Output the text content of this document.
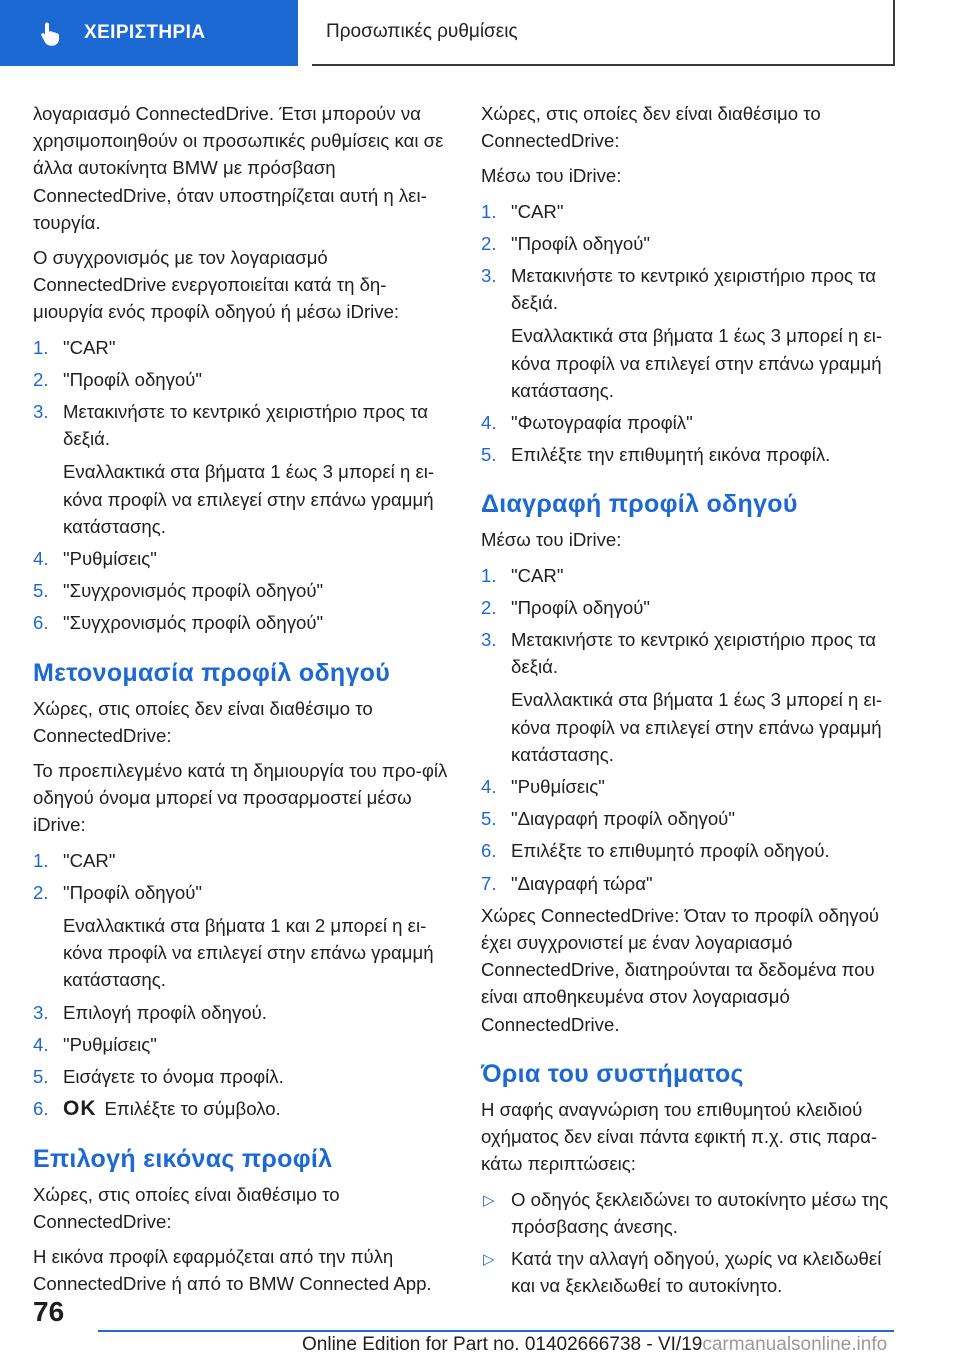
ΧΕΙΡΙΣΤΗΡΙΑ	Προσωπικές ρυθμίσεις

λογαριασμό ConnectedDrive. Έτσι μπορούν να χρησιμοποιηθούν οι προσωπικές ρυθμίσεις και σε άλλα αυτοκίνητα BMW με πρόσβαση ConnectedDrive, όταν υποστηρίζεται αυτή η λει-τουργία.

Ο συγχρονισμός με τον λογαριασμό ConnectedDrive ενεργοποιείται κατά τη δη-μιουργία ενός προφίλ οδηγού ή μέσω iDrive:

1. "CAR"
2. "Προφίλ οδηγού"
3. Μετακινήστε το κεντρικό χειριστήριο προς τα δεξιά.
Εναλλακτικά στα βήματα 1 έως 3 μπορεί η ει-κόνα προφίλ να επιλεγεί στην επάνω γραμμή κατάστασης.
4. "Ρυθμίσεις"
5. "Συγχρονισμός προφίλ οδηγού"
6. "Συγχρονισμός προφίλ οδηγού"
Μετονομασία προφίλ οδηγού

Χώρες, στις οποίες δεν είναι διαθέσιμο το ConnectedDrive:

Το προεπιλεγμένο κατά τη δημιουργία του προ-φίλ οδηγού όνομα μπορεί να προσαρμοστεί μέσω iDrive:

1. "CAR"
2. "Προφίλ οδηγού"
Εναλλακτικά στα βήματα 1 και 2 μπορεί η ει-κόνα προφίλ να επιλεγεί στην επάνω γραμμή κατάστασης.
3. Επιλογή προφίλ οδηγού.
4. "Ρυθμίσεις"
5. Εισάγετε το όνομα προφίλ.
6. OK Επιλέξτε το σύμβολο.
Επιλογή εικόνας προφίλ

Χώρες, στις οποίες είναι διαθέσιμο το ConnectedDrive:

Η εικόνα προφίλ εφαρμόζεται από την πύλη ConnectedDrive ή από το BMW Connected App.

Χώρες, στις οποίες δεν είναι διαθέσιμο το ConnectedDrive:

Μέσω του iDrive:

1. "CAR"
2. "Προφίλ οδηγού"
3. Μετακινήστε το κεντρικό χειριστήριο προς τα δεξιά.
Εναλλακτικά στα βήματα 1 έως 3 μπορεί η ει-κόνα προφίλ να επιλεγεί στην επάνω γραμμή κατάστασης.
4. "Φωτογραφία προφίλ"
5. Επιλέξτε την επιθυμητή εικόνα προφίλ.
Διαγραφή προφίλ οδηγού

Μέσω του iDrive:

1. "CAR"
2. "Προφίλ οδηγού"
3. Μετακινήστε το κεντρικό χειριστήριο προς τα δεξιά.
Εναλλακτικά στα βήματα 1 έως 3 μπορεί η ει-κόνα προφίλ να επιλεγεί στην επάνω γραμμή κατάστασης.
4. "Ρυθμίσεις"
5. "Διαγραφή προφίλ οδηγού"
6. Επιλέξτε το επιθυμητό προφίλ οδηγού.
7. "Διαγραφή τώρα"

Χώρες ConnectedDrive: Όταν το προφίλ οδηγού έχει συγχρονιστεί με έναν λογαριασμό ConnectedDrive, διατηρούνται τα δεδομένα που είναι αποθηκευμένα στον λογαριασμό ConnectedDrive.

Όρια του συστήματος

Η σαφής αναγνώριση του επιθυμητού κλειδιού οχήματος δεν είναι πάντα εφικτή π.χ. στις παρα-κάτω περιπτώσεις:

▷ Ο οδηγός ξεκλειδώνει το αυτοκίνητο μέσω της πρόσβασης άνεσης.
▷ Κατά την αλλαγή οδηγού, χωρίς να κλειδωθεί και να ξεκλειδωθεί το αυτοκίνητο.
76
Online Edition for Part no. 01402666738 - VI/19carmanualsonline.info
